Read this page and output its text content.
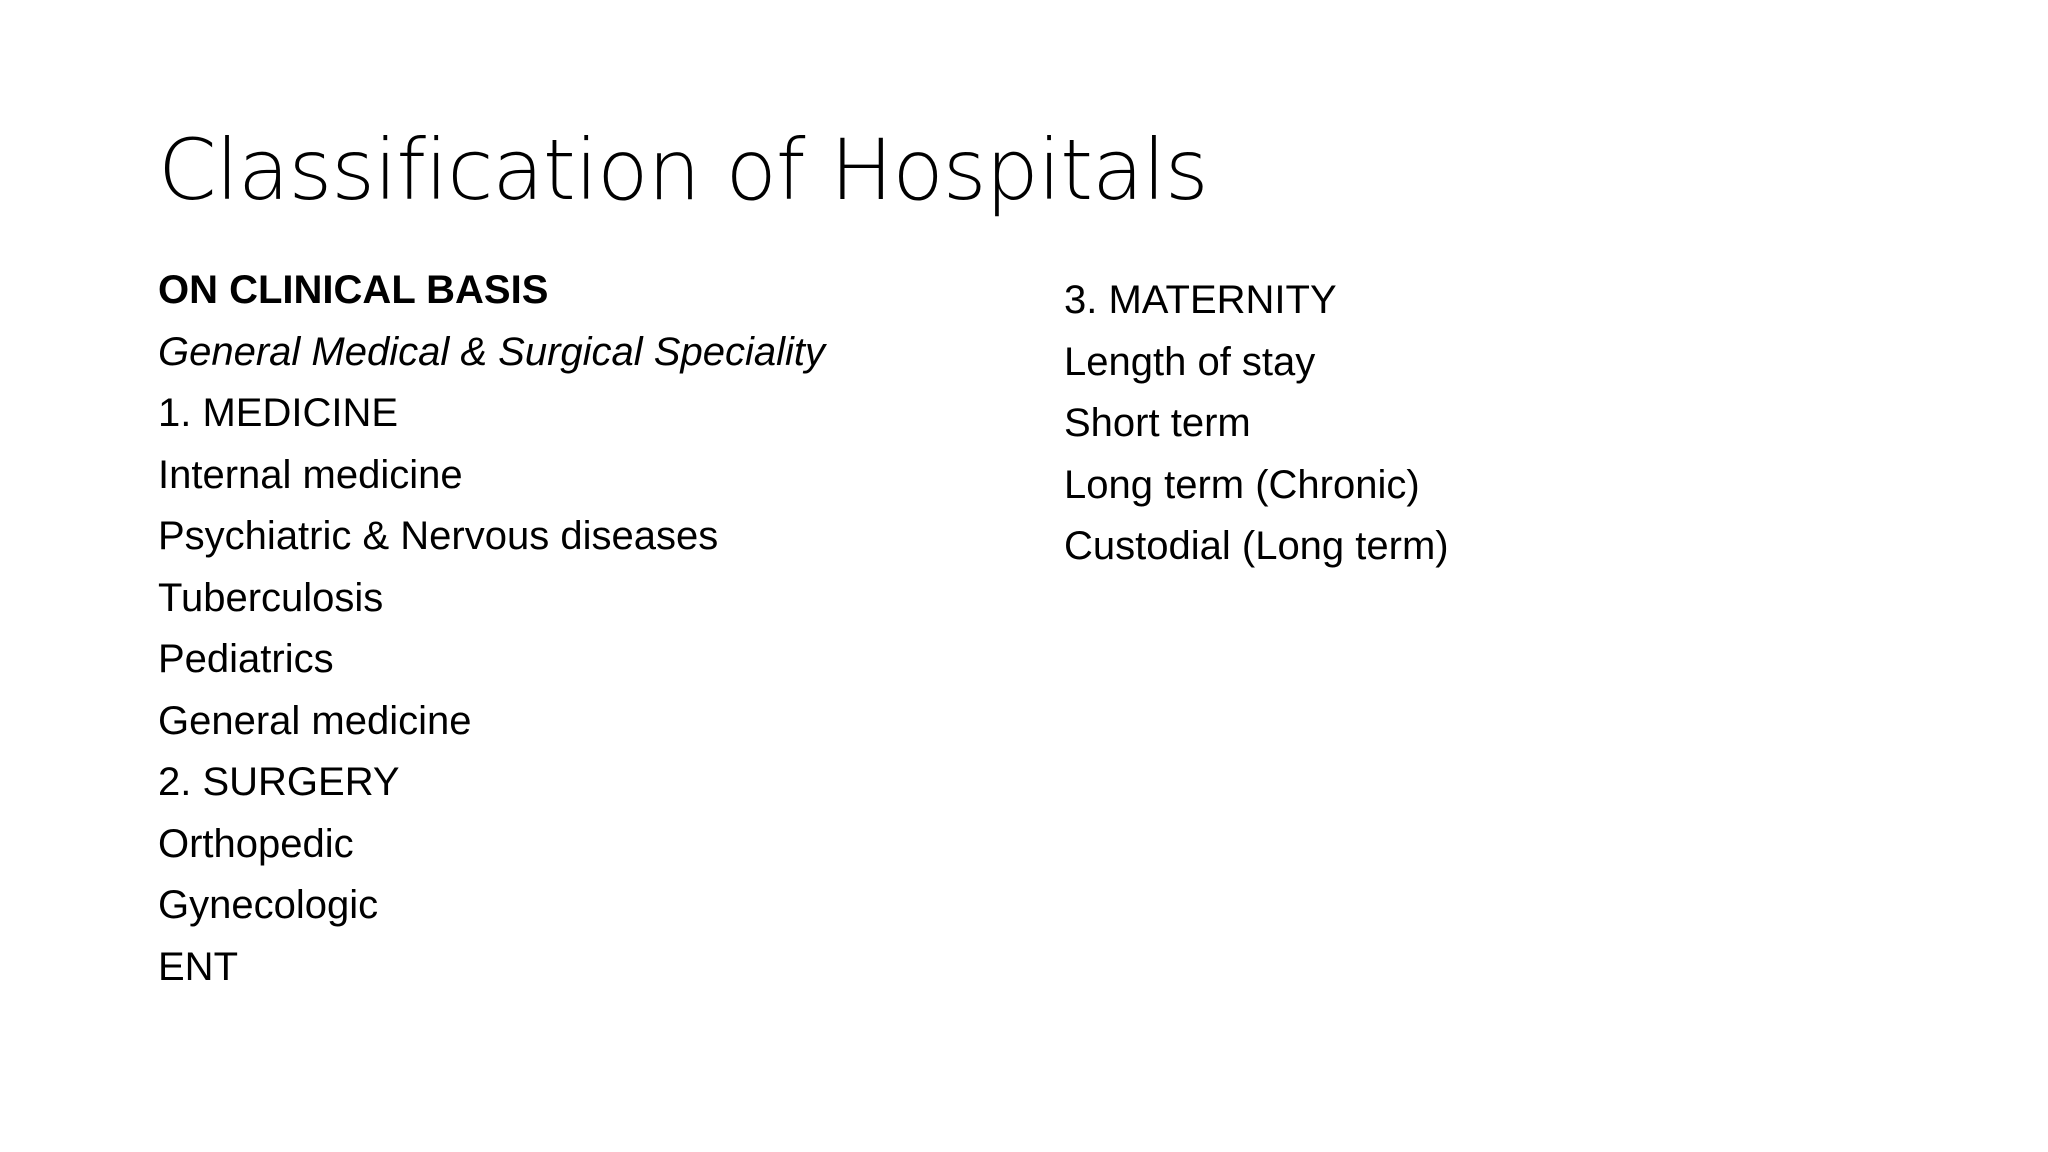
Classification of Hospitals
ON CLINICAL BASIS
General Medical & Surgical Speciality
1. MEDICINE
Internal medicine
Psychiatric & Nervous diseases
Tuberculosis
Pediatrics
General medicine
2. SURGERY
Orthopedic
Gynecologic
ENT
3. MATERNITY
Length of stay
Short term
Long term (Chronic)
Custodial (Long term)
